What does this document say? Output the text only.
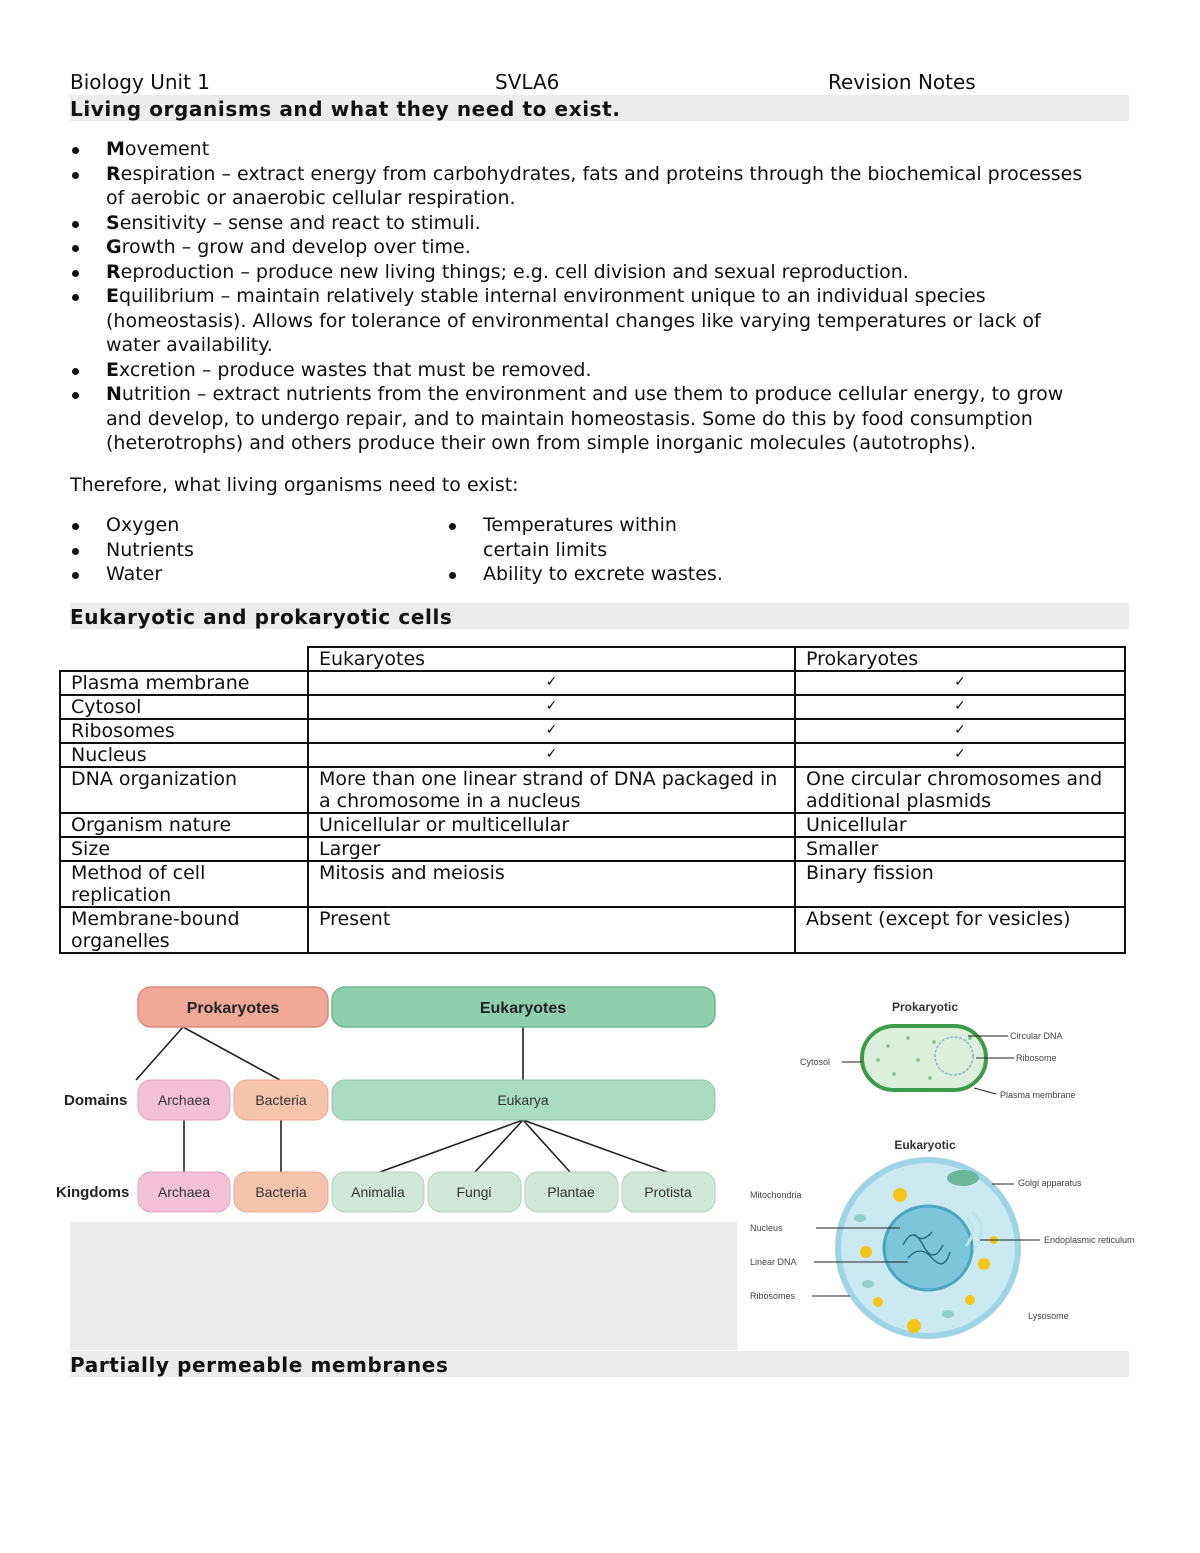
Biology Unit 1	SVLA6	Revision Notes
Living organisms and what they need to exist.
Movement
Respiration – extract energy from carbohydrates, fats and proteins through the biochemical processes
of aerobic or anaerobic cellular respiration.
Sensitivity – sense and react to stimuli.
Growth – grow and develop over time.
Reproduction – produce new living things; e.g. cell division and sexual reproduction.
Equilibrium – maintain relatively stable internal environment unique to an individual species
(homeostasis). Allows for tolerance of environmental changes like varying temperatures or lack of
water availability.
Excretion – produce wastes that must be removed.
Nutrition – extract nutrients from the environment and use them to produce cellular energy, to grow
and develop, to undergo repair, and to maintain homeostasis. Some do this by food consumption
(heterotrophs) and others produce their own from simple inorganic molecules (autotrophs).
Therefore, what living organisms need to exist:
Oxygen
Nutrients
Water
Temperatures within
certain limits
Ability to excrete wastes.
Eukaryotic and prokaryotic cells
	Eukaryotes	Prokaryotes
Plasma membrane	✓	✓
Cytosol	✓	✓
Ribosomes	✓	✓
Nucleus	✓	✓
DNA organization	More than one linear strand of DNA packaged in a chromosome in a nucleus	One circular chromosomes and additional plasmids
Organism nature	Unicellular or multicellular	Unicellular
Size	Larger	Smaller
Method of cell replication	Mitosis and meiosis	Binary fission
Membrane-bound organelles	Present	Absent (except for vesicles)
Prokaryotes	Eukaryotes
Domains
Kingdoms
Archaea	Bacteria	Eukarya
Archaea	Bacteria	Animalia	Fungi	Plantae	Protista
Prokaryotic
Cytosol
Circular DNA
Ribosome
Plasma membrane
Eukaryotic
Mitochondria
Nucleus
Linear DNA
Ribosomes
Golgi apparatus
Endoplasmic reticulum
Lysosome
Partially permeable membranes
